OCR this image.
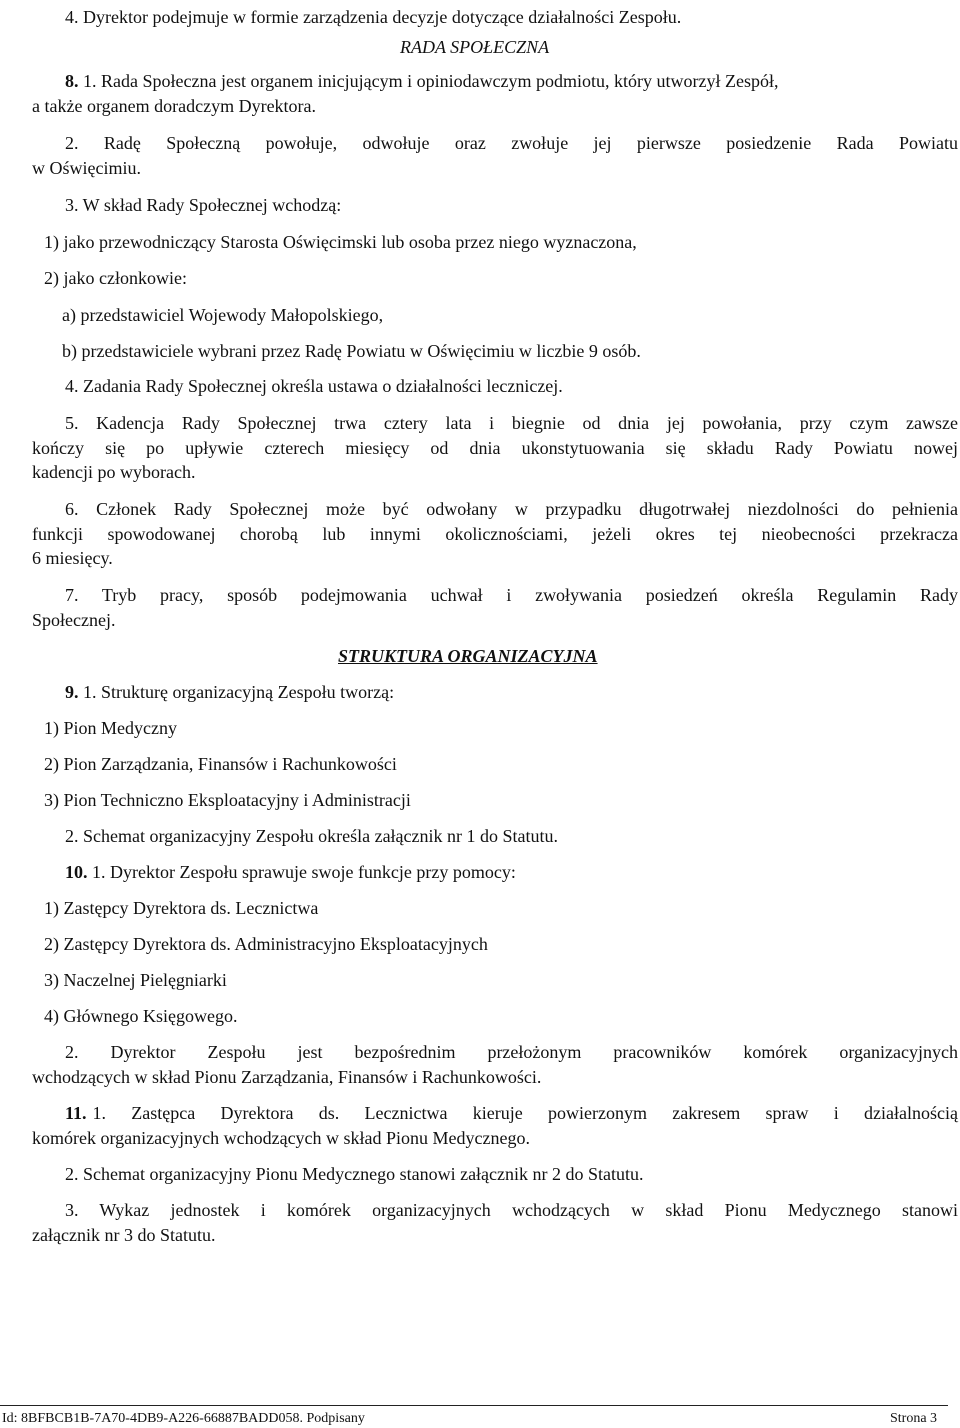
4. Dyrektor podejmuje w formie zarządzenia decyzje dotyczące działalności Zespołu.
RADA SPOŁECZNA
8. 1. Rada Społeczna jest organem inicjującym i opiniodawczym podmiotu, który utworzył Zespół,
a także organem doradczym Dyrektora.
2. Radę Społeczną powołuje, odwołuje oraz zwołuje jej pierwsze posiedzenie Rada Powiatu
w Oświęcimiu.
3. W skład Rady Społecznej wchodzą:
1) jako przewodniczący Starosta Oświęcimski lub osoba przez niego wyznaczona,
2) jako członkowie:
a) przedstawiciel Wojewody Małopolskiego,
b) przedstawiciele wybrani przez Radę Powiatu w Oświęcimiu w liczbie 9 osób.
4. Zadania Rady Społecznej określa ustawa o działalności leczniczej.
5. Kadencja Rady Społecznej trwa cztery lata i biegnie od dnia jej powołania, przy czym zawsze
kończy się po upływie czterech miesięcy od dnia ukonstytuowania się składu Rady Powiatu nowej
kadencji po wyborach.
6. Członek Rady Społecznej może być odwołany w przypadku długotrwałej niezdolności do pełnienia
funkcji spowodowanej chorobą lub innymi okolicznościami, jeżeli okres tej nieobecności przekracza
6 miesięcy.
7. Tryb pracy, sposób podejmowania uchwał i zwoływania posiedzeń określa Regulamin Rady
Społecznej.
STRUKTURA ORGANIZACYJNA
9. 1. Strukturę organizacyjną Zespołu tworzą:
1) Pion Medyczny
2) Pion Zarządzania, Finansów i Rachunkowości
3) Pion Techniczno Eksploatacyjny i Administracji
2. Schemat organizacyjny Zespołu określa załącznik nr 1 do Statutu.
10. 1. Dyrektor Zespołu sprawuje swoje funkcje przy pomocy:
1) Zastępcy Dyrektora ds. Lecznictwa
2) Zastępcy Dyrektora ds. Administracyjno Eksploatacyjnych
3) Naczelnej Pielęgniarki
4) Głównego Księgowego.
2. Dyrektor Zespołu jest bezpośrednim przełożonym pracowników komórek organizacyjnych
wchodzących w skład Pionu Zarządzania, Finansów i Rachunkowości.
11. 1. Zastępca Dyrektora ds. Lecznictwa kieruje powierzonym zakresem spraw i działalnością
komórek organizacyjnych wchodzących w skład Pionu Medycznego.
2. Schemat organizacyjny Pionu Medycznego stanowi załącznik nr 2 do Statutu.
3. Wykaz jednostek i komórek organizacyjnych wchodzących w skład Pionu Medycznego stanowi
załącznik nr 3 do Statutu.
Id: 8BFBCB1B-7A70-4DB9-A226-66887BADD058. Podpisany	Strona 3
